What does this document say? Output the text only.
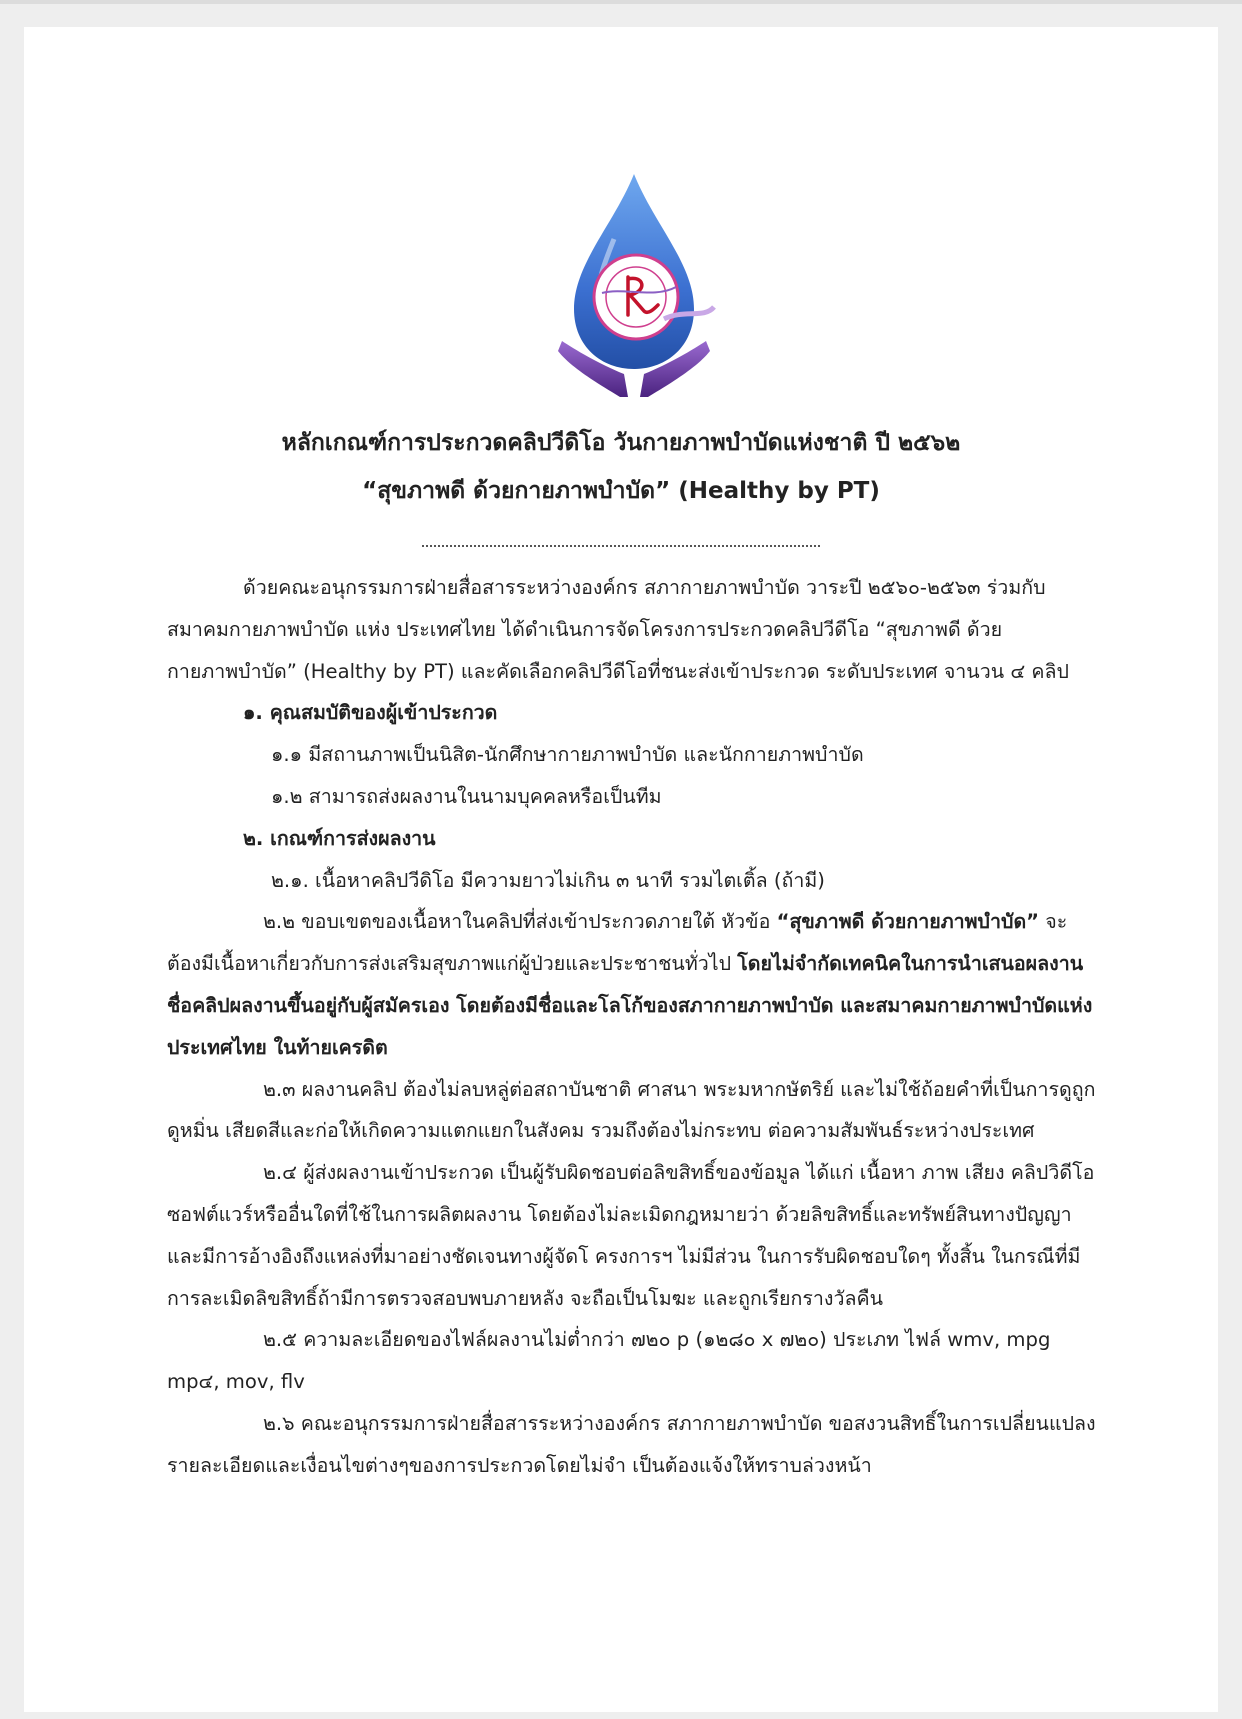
หลักเกณฑ์การประกวดคลิปวีดิโอ วันกายภาพบำบัดแห่งชาติ ปี ๒๕๖๒
“สุขภาพดี ด้วยกายภาพบำบัด” (Healthy by PT)

ด้วยคณะอนุกรรมการฝ่ายสื่อสารระหว่างองค์กร สภากายภาพบำบัด วาระปี ๒๕๖๐-๒๕๖๓ ร่วมกับสมาคมกายภาพบำบัด แห่ง ประเทศไทย ได้ดำเนินการจัดโครงการประกวดคลิปวีดีโอ “สุขภาพดี ด้วยกายภาพบำบัด” (Healthy by PT) และคัดเลือกคลิปวีดีโอที่ชนะส่งเข้าประกวด ระดับประเทศ จานวน ๔ คลิป

๑. คุณสมบัติของผู้เข้าประกวด

๑.๑ มีสถานภาพเป็นนิสิต-นักศึกษากายภาพบำบัด และนักกายภาพบำบัด

๑.๒ สามารถส่งผลงานในนามบุคคลหรือเป็นทีม

๒. เกณฑ์การส่งผลงาน

๒.๑. เนื้อหาคลิปวีดิโอ มีความยาวไม่เกิน ๓ นาที รวมไตเติ้ล (ถ้ามี)

๒.๒ ขอบเขตของเนื้อหาในคลิปที่ส่งเข้าประกวดภายใต้ หัวข้อ “สุขภาพดี ด้วยกายภาพบำบัด” จะต้องมีเนื้อหาเกี่ยวกับการส่งเสริมสุขภาพแก่ผู้ป่วยและประชาชนทั่วไป โดยไม่จำกัดเทคนิคในการนำเสนอผลงานชื่อคลิปผลงานขึ้นอยู่กับผู้สมัครเอง โดยต้องมีชื่อและโลโก้ของสภากายภาพบำบัด และสมาคมกายภาพบำบัดแห่งประเทศไทย ในท้ายเครดิต

๒.๓ ผลงานคลิป ต้องไม่ลบหลู่ต่อสถาบันชาติ ศาสนา พระมหากษัตริย์ และไม่ใช้ถ้อยคำที่เป็นการดูถูกดูหมิ่น เสียดสีและก่อให้เกิดความแตกแยกในสังคม รวมถึงต้องไม่กระทบ ต่อความสัมพันธ์ระหว่างประเทศ

๒.๔ ผู้ส่งผลงานเข้าประกวด เป็นผู้รับผิดชอบต่อลิขสิทธิ์ของข้อมูล ได้แก่ เนื้อหา ภาพ เสียง คลิปวิดีโอ ซอฟต์แวร์หรืออื่นใดที่ใช้ในการผลิตผลงาน โดยต้องไม่ละเมิดกฎหมายว่า ด้วยลิขสิทธิ์และทรัพย์สินทางปัญญา และมีการอ้างอิงถึงแหล่งที่มาอย่างชัดเจนทางผู้จัดโ ครงการฯ ไม่มีส่วน ในการรับผิดชอบใดๆ ทั้งสิ้น ในกรณีที่มีการละเมิดลิขสิทธิ์ถ้ามีการตรวจสอบพบภายหลัง จะถือเป็นโมฆะ และถูกเรียกรางวัลคืน

๒.๕ ความละเอียดของไฟล์ผลงานไม่ต่ำกว่า ๗๒๐ p (๑๒๘๐ x ๗๒๐) ประเภท ไฟล์ wmv, mpg mp๔, mov, flv

๒.๖ คณะอนุกรรมการฝ่ายสื่อสารระหว่างองค์กร สภากายภาพบำบัด ขอสงวนสิทธิ์ในการเปลี่ยนแปลงรายละเอียดและเงื่อนไขต่างๆของการประกวดโดยไม่จำ เป็นต้องแจ้งให้ทราบล่วงหน้า
